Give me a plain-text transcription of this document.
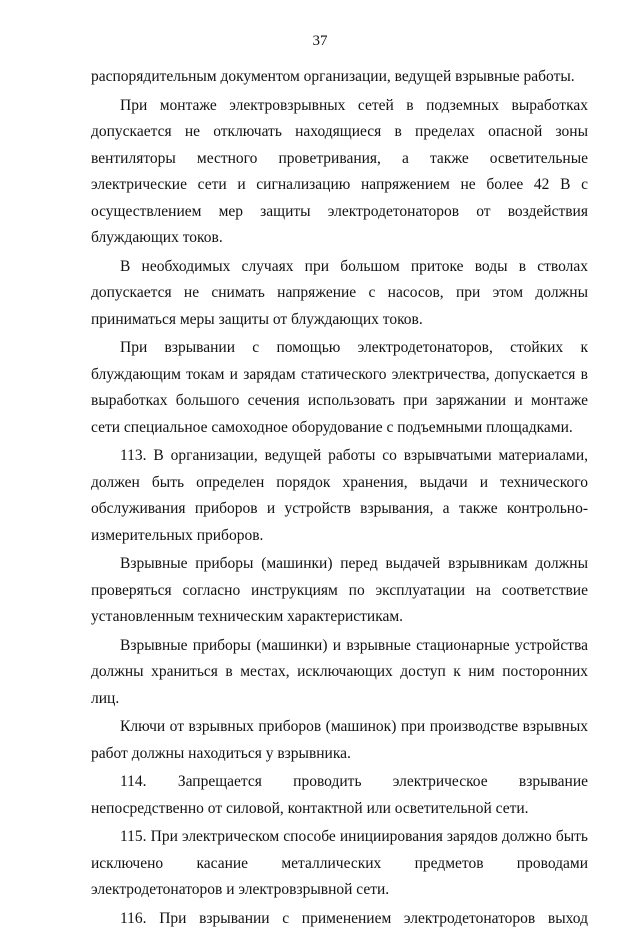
37

распорядительным документом организации, ведущей взрывные работы.

При монтаже электровзрывных сетей в подземных выработках допускается не отключать находящиеся в пределах опасной зоны вентиляторы местного проветривания, а также осветительные электрические сети и сигнализацию напряжением не более 42 В с осуществлением мер защиты электродетонаторов от воздействия блуждающих токов.

В необходимых случаях при большом притоке воды в стволах допускается не снимать напряжение с насосов, при этом должны приниматься меры защиты от блуждающих токов.

При взрывании с помощью электродетонаторов, стойких к блуждающим токам и зарядам статического электричества, допускается в выработках большого сечения использовать при заряжании и монтаже сети специальное самоходное оборудование с подъемными площадками.

113. В организации, ведущей работы со взрывчатыми материалами, должен быть определен порядок хранения, выдачи и технического обслуживания приборов и устройств взрывания, а также контрольно-измерительных приборов.

Взрывные приборы (машинки) перед выдачей взрывникам должны проверяться согласно инструкциям по эксплуатации на соответствие установленным техническим характеристикам.

Взрывные приборы (машинки) и взрывные стационарные устройства должны храниться в местах, исключающих доступ к ним посторонних лиц.

Ключи от взрывных приборов (машинок) при производстве взрывных работ должны находиться у взрывника.

114. Запрещается проводить электрическое взрывание непосредственно от силовой, контактной или осветительной сети.

115. При электрическом способе инициирования зарядов должно быть исключено касание металлических предметов проводами электродетонаторов и электровзрывной сети.

116. При взрывании с применением электродетонаторов выход
